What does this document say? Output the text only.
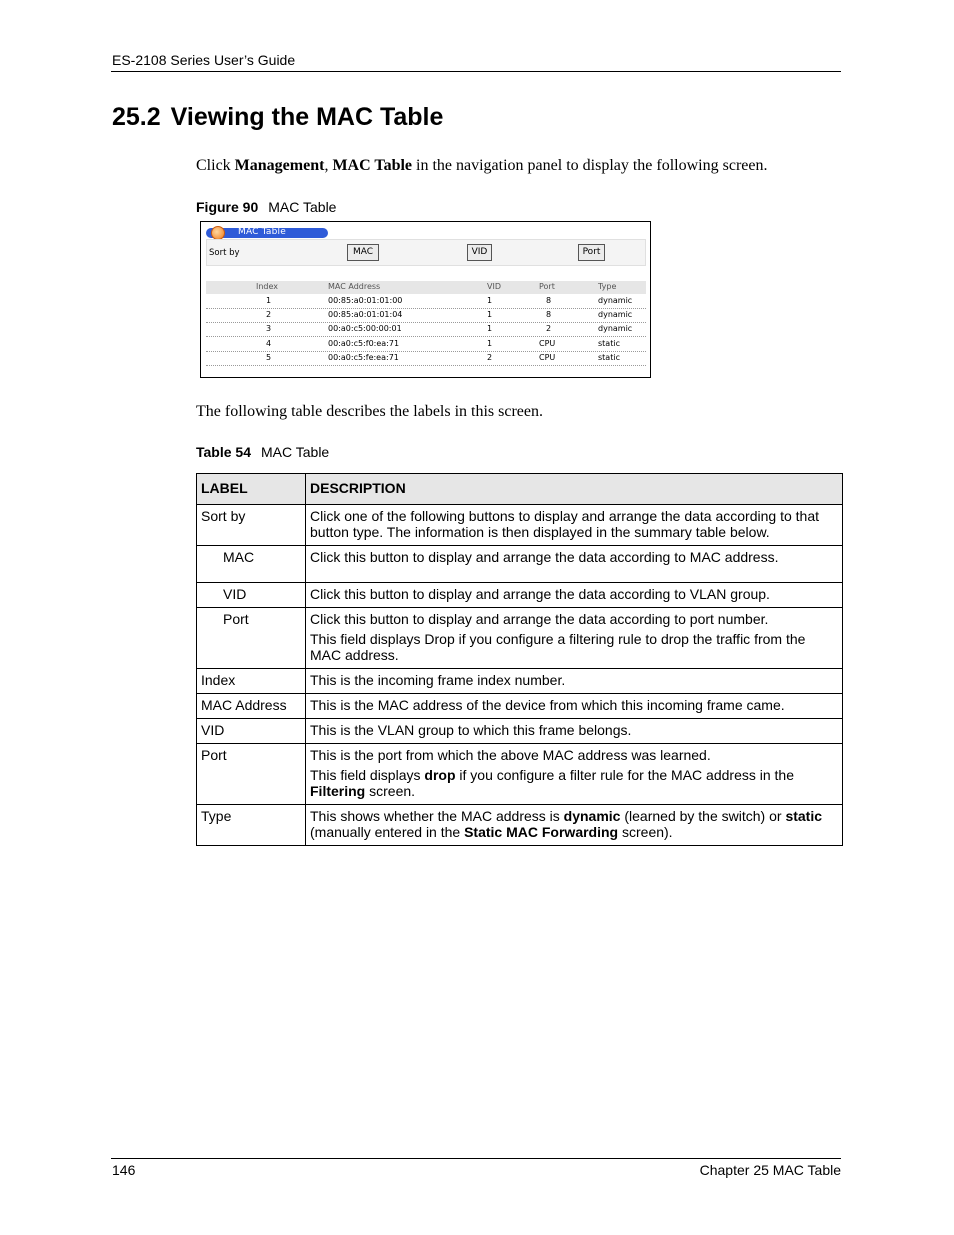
ES-2108 Series User’s Guide
25.2 Viewing the MAC Table
Click Management, MAC Table in the navigation panel to display the following screen.
Figure 90 MAC Table
MAC Table
Sort by	MAC	VID	Port
Index	MAC Address	VID	Port	Type
1	00:85:a0:01:01:00	1	8	dynamic
2	00:85:a0:01:01:04	1	8	dynamic
3	00:a0:c5:00:00:01	1	2	dynamic
4	00:a0:c5:f0:ea:71	1	CPU	static
5	00:a0:c5:fe:ea:71	2	CPU	static
The following table describes the labels in this screen.
Table 54 MAC Table
LABEL	DESCRIPTION
Sort by	Click one of the following buttons to display and arrange the data according to that button type. The information is then displayed in the summary table below.

MAC	Click this button to display and arrange the data according to MAC address.

VID	Click this button to display and arrange the data according to VLAN group.

Port	Click this button to display and arrange the data according to port number.

This field displays Drop if you configure a filtering rule to drop the traffic from the MAC address.

Index	This is the incoming frame index number.

MAC Address	This is the MAC address of the device from which this incoming frame came.

VID	This is the VLAN group to which this frame belongs.

Port	This is the port from which the above MAC address was learned.

This field displays drop if you configure a filter rule for the MAC address in the Filtering screen.

Type	This shows whether the MAC address is dynamic (learned by the switch) or static (manually entered in the Static MAC Forwarding screen).

146	Chapter 25 MAC Table
